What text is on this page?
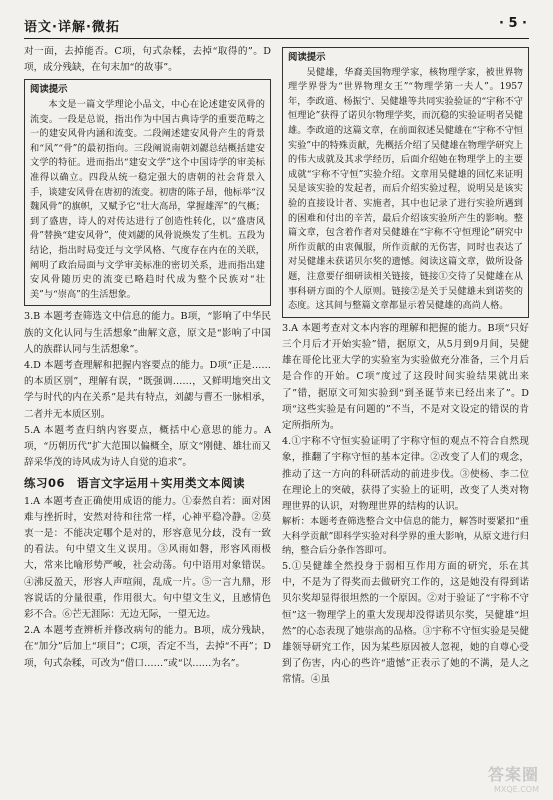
语文·详解·微拓	· 5 ·

对一面，去掉能否。C项，句式杂糅，去掉“取得的”。D项，成分残缺，在句末加“的故事”。

阅读提示

本文是一篇文学理论小品文，中心在论述建安风骨的流变。一段是总说，指出作为中国古典诗学的重要范畴之一的建安风骨内涵和流变。二段阐述建安风骨产生的背景和“风”“骨”的最初指向。三段阐说南朝刘勰总结概括建安文学的特征。进而指出“建安文学”这个中国诗学的审美标准得以确立。四段从统一稳定强大的唐朝的社会背景入手，谈建安风骨在唐初的流变。初唐的陈子昂，他标举“汉魏风骨”的旗帜，又赋予它“壮大高昂，掌握雄浑”的气概；到了盛唐，诗人的对传达进行了创造性转化，以“盛唐风骨”替换“建安风骨”，使刘勰的风骨说焕发了生机。五段为结论，指出时局变迁与文学风格、气度存在内在的关联，阐明了政治局面与文学审美标准的密切关系，进而指出建安风骨随历史的流变已略趋时代成为整个民族对“壮美”与“崇高”的生活想象。

3.B 本题考查筛选文中信息的能力。B项，“影响了中华民族的文化认同与生活想象”曲解文意，原文是“影响了中国人的族群认同与生活想象”。

4.D 本题考查理解和把握内容要点的能力。D项“正是……的本质区别”，理解有误，“既强调……，又鲜明地突出文学与时代的内在关系”是共有特点，刘勰与曹丕一脉相承，二者并无本质区别。

5.A 本题考查归纳内容要点，概括中心意思的能力。A项，“历朝历代”扩大范围以偏概全，原文“刚健、雄壮而又辞采华茂的诗风成为诗人自觉的追求”。

练习06　语言文字运用＋实用类文本阅读

1.A 本题考查正确使用成语的能力。①泰然自若：面对困难与挫折时，安然对待和往常一样，心神平稳冷静。②莫衷一是：不能决定哪个是对的，形容意见分歧，没有一致的看法。句中望文生义误用。③风雨如磐，形容风雨极大，常来比喻形势严峻，社会动荡。句中语用对象错误。④沸反盈天，形容人声喧闹，乱成一片。⑤一言九鼎，形容说话的分量很重，作用很大。句中望文生义，且感情色彩不合。⑥芒无涯际：无边无际，一望无边。

2.A 本题考查辨析并修改病句的能力。B项，成分残缺，在“加分”后加上“项目”；C项，否定不当，去掉“不再”；D项，句式杂糅，可改为“借口……”或“以……为名”。

阅读提示

吴健雄，华裔美国物理学家，核物理学家，被世界物理学界誉为“世界物理女王”“物理学第一夫人”。1957年，李政道、杨振宁、吴健雄等共同实验验证的“宇称不守恒理论”获得了诺贝尔物理学奖，而沉稳的实验证明者吴健雄。李政道的这篇文章，在前面叙述吴健雄在“宇称不守恒实验”中的特殊贡献，先概括介绍了吴健雄在物理学研究上的伟大成就及其求学经历，后面介绍她在物理学上的主要成就“宇称不守恒”实验介绍。文章用吴健雄的回忆来证明吴是该实验的发起者，而后介绍实验过程，说明吴是该实验的直接设计者、实施者，其中也记录了进行实验所遇到的困难和付出的辛苦，最后介绍该实验所产生的影响。整篇文章，包含着作者对吴健雄在“宇称不守恒理论”研究中所作贡献的由衷佩服，所作贡献的无伤害，同时也表达了对吴健雄未获诺贝尔奖的遗憾。阅读这篇文章，做所设备题，注意要仔细研读相关链接，链接①交待了吴健雄在从事科研方面的个人原则。链接②是关于吴健雄未到诺奖的态度。这其间与整篇文章都显示着吴健雄的高尚人格。

3.A 本题考查对文本内容的理解和把握的能力。B项“只好三个月后才开始实验”错，据原文，从5月到9月间，吴健雄在哥伦比亚大学的实验室为实验做充分准备，三个月后是合作的开始。C项“度过了这段时间实验结果就出来了”错，据原文可知实验到“到圣诞节来已经出来了”。D项“这些实验是有问题的”不当，不是对文设定的错误的肯定所指所为。

4.①宇称不守恒实验证明了宇称守恒的观点不符合自然现象，推翻了宇称守恒的基本定律。②改变了人们的观念，推动了这一方向的科研活动的前进步伐。③使杨、李二位在理论上的突破，获得了实验上的证明，改变了人类对物理世界的认识，对物理世界的结构的认识。

解析：本题考查筛选整合文中信息的能力，解答时要紧扣“重大科学贡献”即科学实验对科学界的重大影响，从原文进行归纳，整合后分条作答即可。

5.①吴健雄全然投身于弱相互作用方面的研究，乐在其中，不是为了得奖而去做研究工作的，这是她没有得到诺贝尔奖却显得很坦然的一个原因。②对于验证了“宇称不守恒”这一物理学上的重大发现却没得诺贝尔奖，吴健雄“坦然”的心态表现了她崇高的品格。③宇称不守恒实验是吴健雄领导研究工作，因为某些原因被人忽视，她的自尊心受到了伤害，内心的些许“遗憾”正表示了她的不满，是人之常情。④虽

答案圈
MXQE.COM
